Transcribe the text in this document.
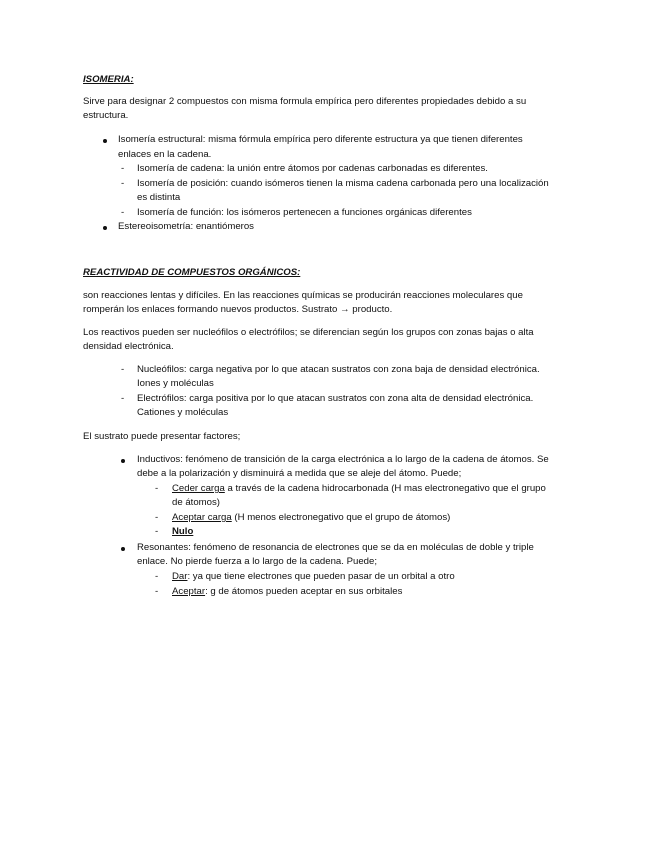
ISOMERIA:
Sirve para designar 2 compuestos con misma formula empírica pero diferentes propiedades debido a su
estructura.
Isomería estructural: misma fórmula empírica pero diferente estructura ya que tienen diferentes
enlaces en la cadena.
- Isomería de cadena: la unión entre átomos por cadenas carbonadas es diferentes.
- Isomería de posición: cuando isómeros tienen la misma cadena carbonada pero una localización
es distinta
- Isomería de función: los isómeros pertenecen a funciones orgánicas diferentes
Estereoisometría: enantiómeros
REACTIVIDAD DE COMPUESTOS ORGÁNICOS:
son reacciones lentas y difíciles. En las reacciones químicas se producirán reacciones moleculares que
romperán los enlaces formando nuevos productos. Sustrato → producto.
Los reactivos pueden ser nucleófilos o electrófilos; se diferencian según los grupos con zonas bajas o alta
densidad electrónica.
- Nucleófilos: carga negativa por lo que atacan sustratos con zona baja de densidad electrónica.
Iones y moléculas
- Electrófilos: carga positiva por lo que atacan sustratos con zona alta de densidad electrónica.
Cationes y moléculas
El sustrato puede presentar factores;
Inductivos: fenómeno de transición de la carga electrónica a lo largo de la cadena de átomos. Se
debe a la polarización y disminuirá a medida que se aleje del átomo. Puede;
- Ceder carga a través de la cadena hidrocarbonada (H mas electronegativo que el grupo
de átomos)
- Aceptar carga (H menos electronegativo que el grupo de átomos)
- Nulo
Resonantes: fenómeno de resonancia de electrones que se da en moléculas de doble y triple
enlace. No pierde fuerza a lo largo de la cadena. Puede;
- Dar: ya que tiene electrones que pueden pasar de un orbital a otro
- Aceptar: g de átomos pueden aceptar en sus orbitales
